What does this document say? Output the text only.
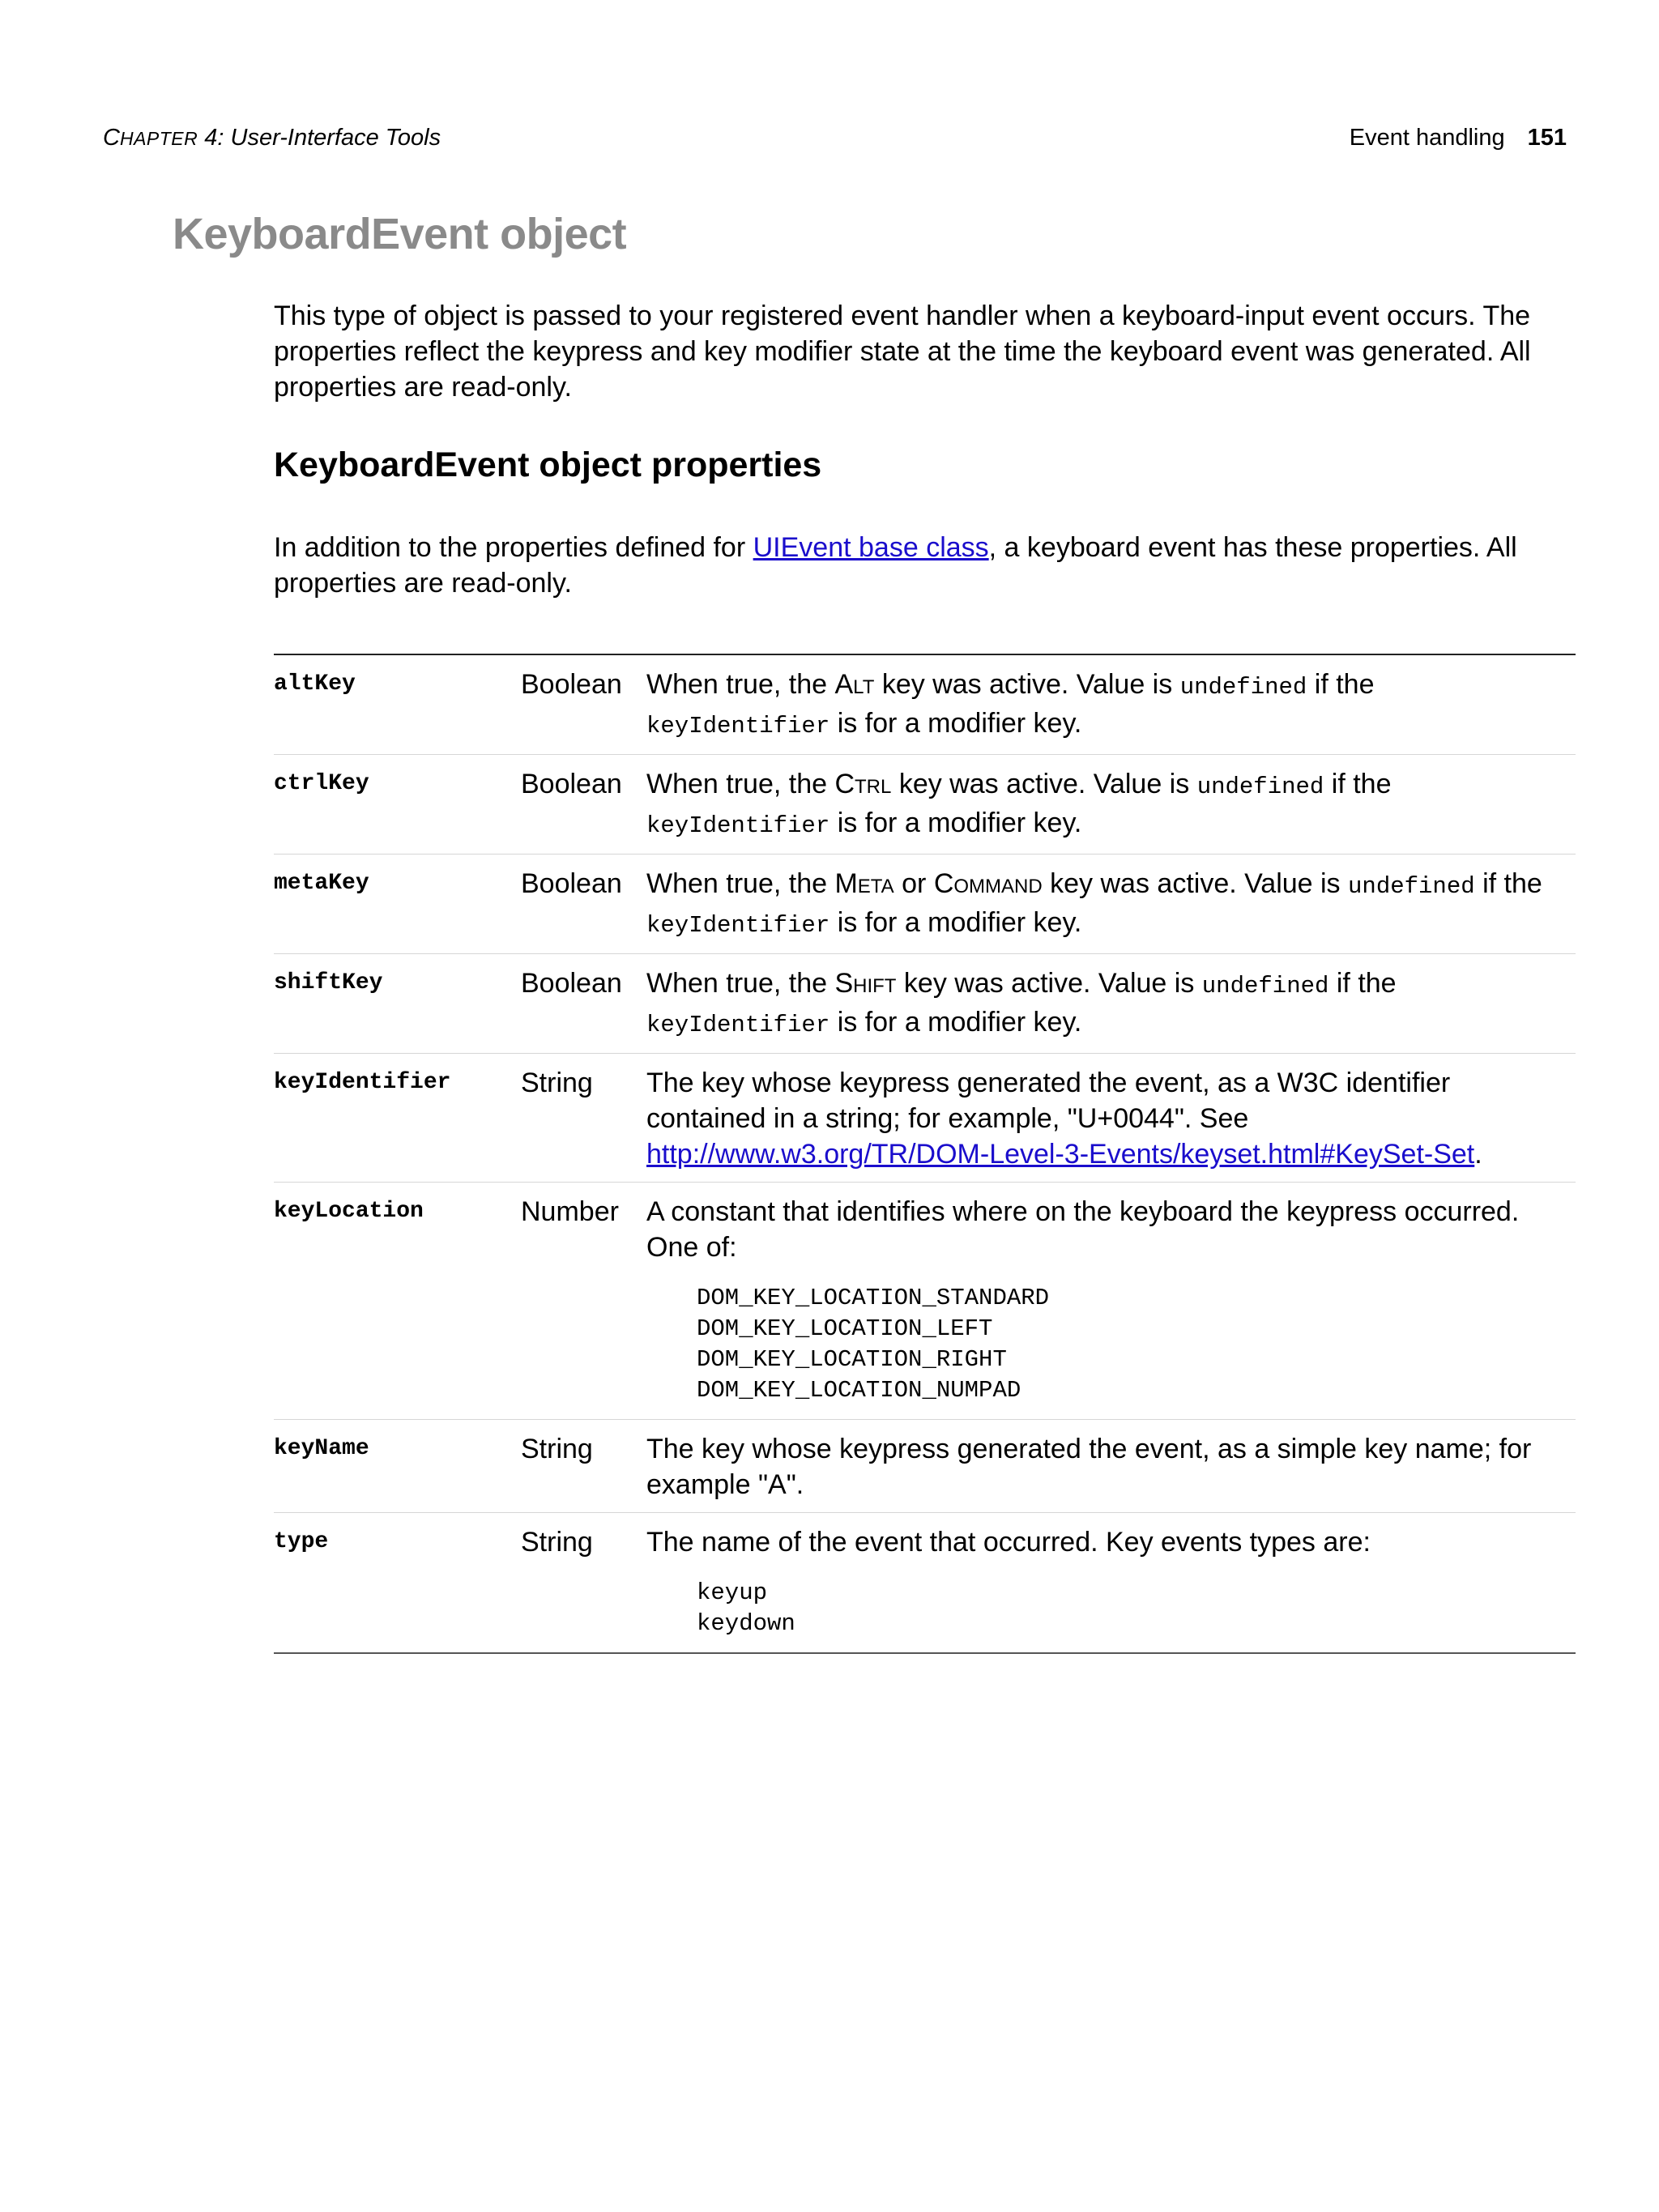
CHAPTER 4: User-Interface Tools	Event handling 151
KeyboardEvent object
This type of object is passed to your registered event handler when a keyboard-input event occurs. The properties reflect the keypress and key modifier state at the time the keyboard event was generated. All properties are read-only.
KeyboardEvent object properties
In addition to the properties defined for UIEvent base class, a keyboard event has these properties. All properties are read-only.
altKey	Boolean When true, the Alt key was active. Value is undefined if the
keyIdentifier is for a modifier key.
ctrlKey	Boolean When true, the Ctrl key was active. Value is undefined if the
keyIdentifier is for a modifier key.
metaKey	Boolean When true, the Meta or Command key was active. Value is undefined if the
keyIdentifier is for a modifier key.
shiftKey	Boolean When true, the Shift key was active. Value is undefined if the
keyIdentifier is for a modifier key.
keyIdentifier	String	The key whose keypress generated the event, as a W3C identifier contained in a string; for example, "U+0044". See http://www.w3.org/TR/DOM-Level-3-Events/keyset.html#KeySet-Set.
keyLocation	Number	A constant that identifies where on the keyboard the keypress occurred. One of:
DOM_KEY_LOCATION_STANDARD
DOM_KEY_LOCATION_LEFT
DOM_KEY_LOCATION_RIGHT
DOM_KEY_LOCATION_NUMPAD
keyName	String	The key whose keypress generated the event, as a simple key name; for example "A".
type	String	The name of the event that occurred. Key events types are:
keyup
keydown
